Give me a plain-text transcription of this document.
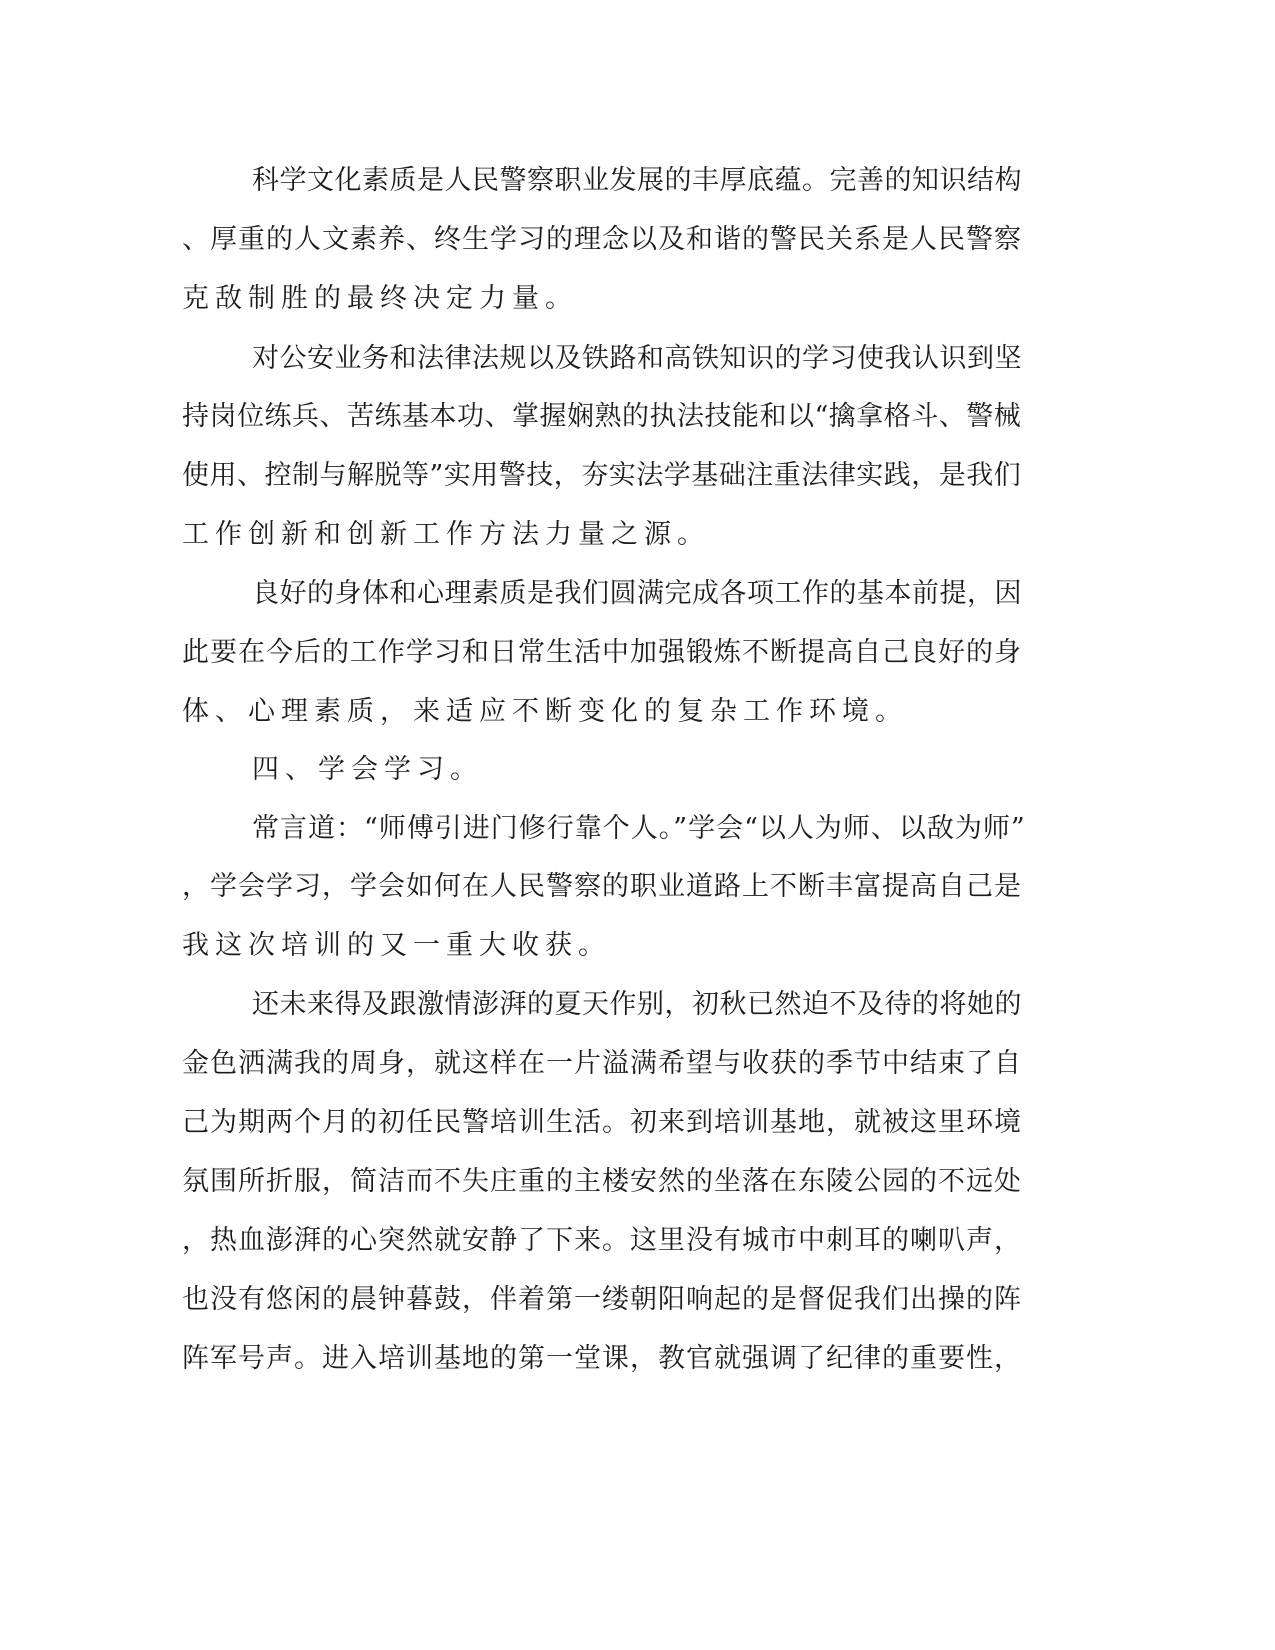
科学文化素质是人民警察职业发展的丰厚底蕴。完善的知识结构
、厚重的人文素养、终生学习的理念以及和谐的警民关系是人民警察
克敌制胜的最终决定力量。
对公安业务和法律法规以及铁路和高铁知识的学习使我认识到坚
持岗位练兵、苦练基本功、掌握娴熟的执法技能和以“擒拿格斗、警械
使用、控制与解脱等”实用警技，夯实法学基础注重法律实践，是我们
工作创新和创新工作方法力量之源。
良好的身体和心理素质是我们圆满完成各项工作的基本前提，因
此要在今后的工作学习和日常生活中加强锻炼不断提高自己良好的身
体、心理素质，来适应不断变化的复杂工作环境。
四、学会学习。
常言道：“师傅引进门修行靠个人。”学会“以人为师、以敌为师”
，学会学习，学会如何在人民警察的职业道路上不断丰富提高自己是
我这次培训的又一重大收获。
还未来得及跟激情澎湃的夏天作别，初秋已然迫不及待的将她的
金色洒满我的周身，就这样在一片溢满希望与收获的季节中结束了自
己为期两个月的初任民警培训生活。初来到培训基地，就被这里环境
氛围所折服，简洁而不失庄重的主楼安然的坐落在东陵公园的不远处
，热血澎湃的心突然就安静了下来。这里没有城市中刺耳的喇叭声，
也没有悠闲的晨钟暮鼓，伴着第一缕朝阳响起的是督促我们出操的阵
阵军号声。进入培训基地的第一堂课，教官就强调了纪律的重要性，
